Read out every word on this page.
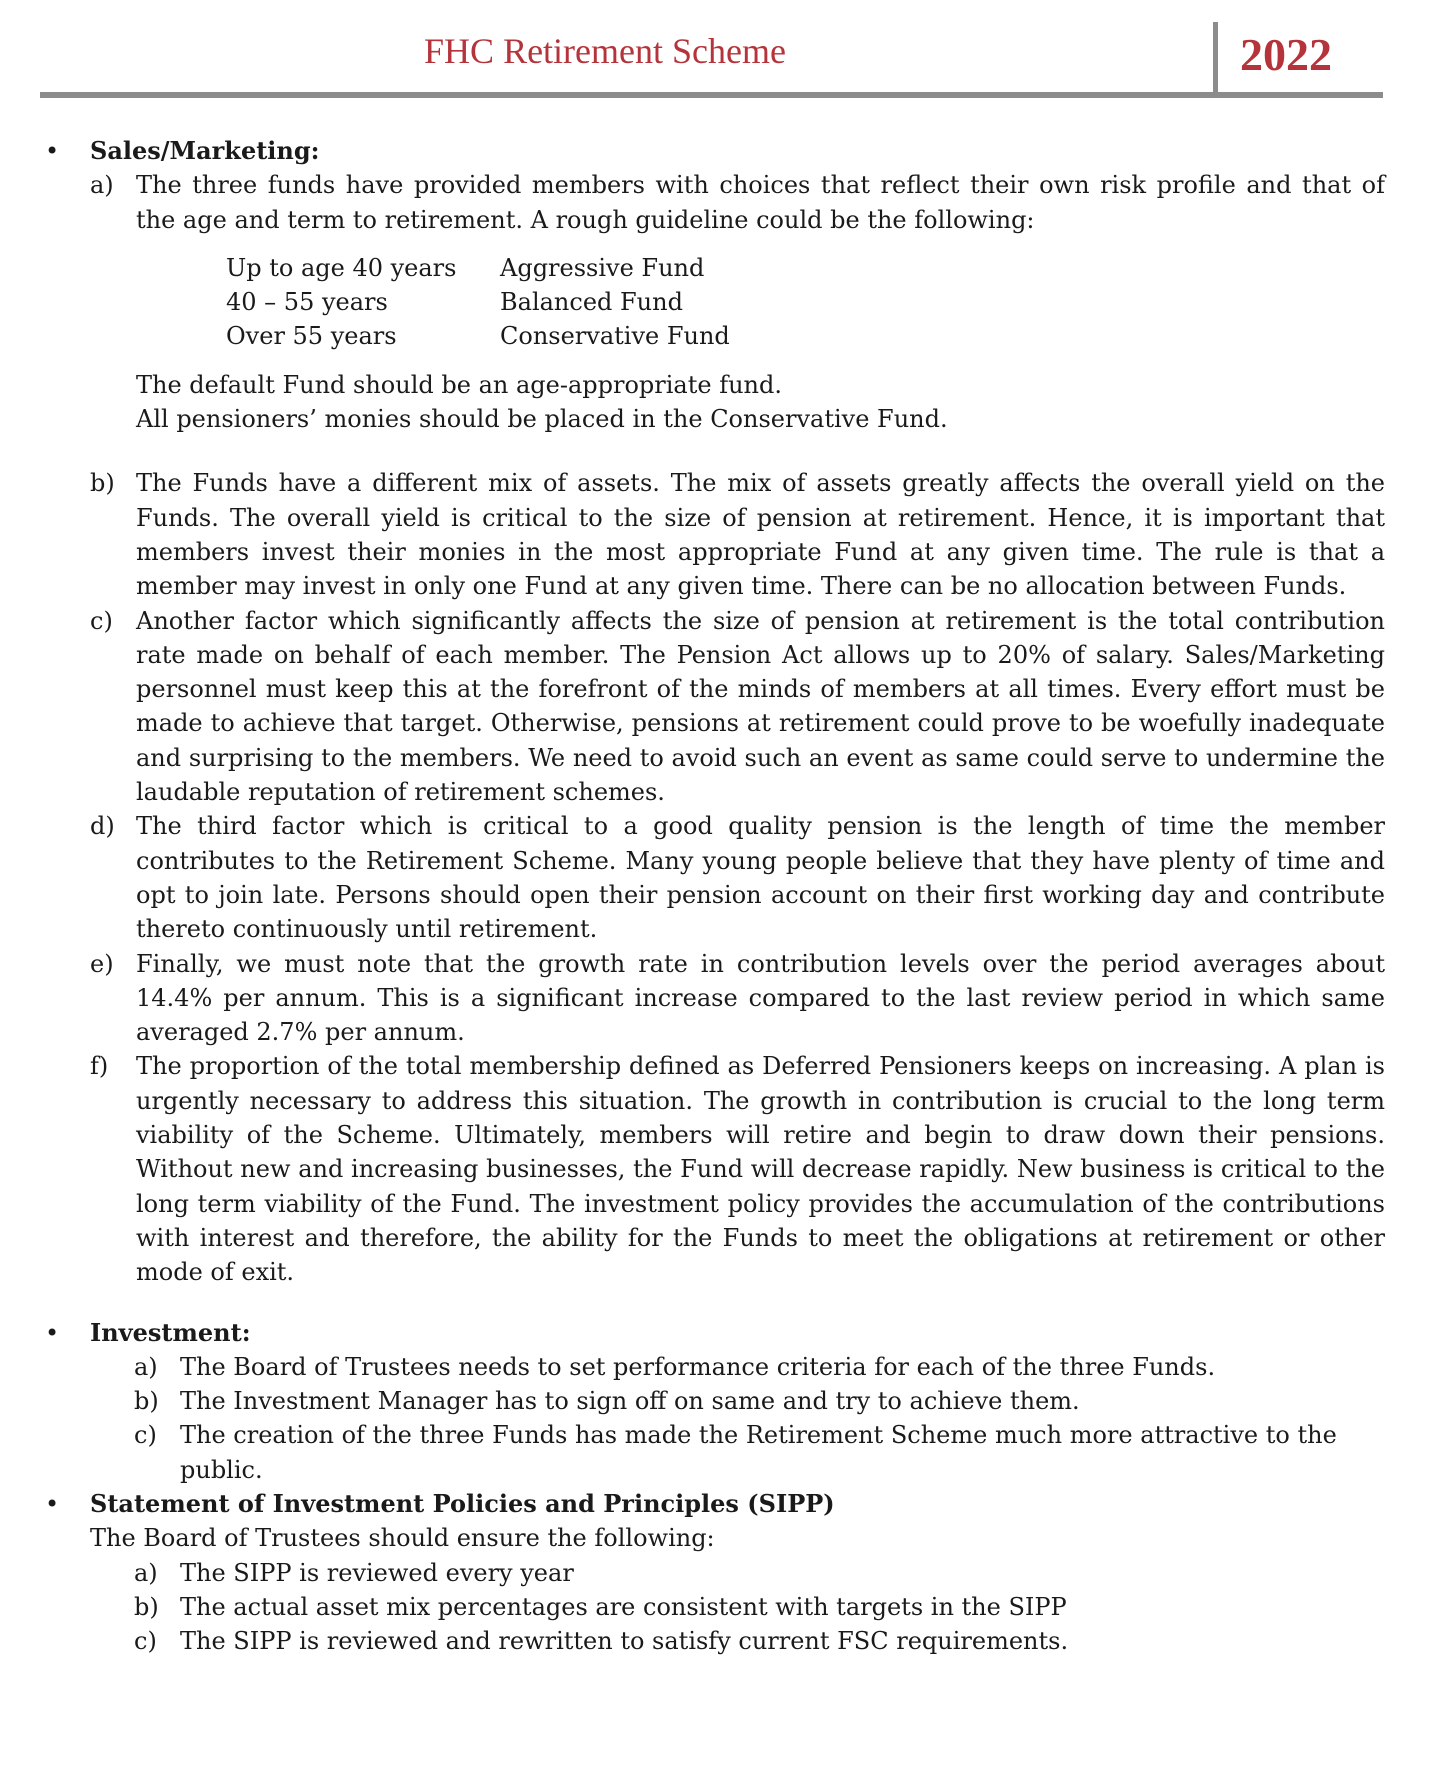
FHC Retirement Scheme	2022
• Sales/Marketing:
a) The three funds have provided members with choices that reflect their own risk profile and that of the age and term to retirement. A rough guideline could be the following:
Up to age 40 years	Aggressive Fund
40 – 55 years	Balanced Fund
Over 55 years	Conservative Fund
The default Fund should be an age-appropriate fund.
All pensioners’ monies should be placed in the Conservative Fund.
b) The Funds have a different mix of assets. The mix of assets greatly affects the overall yield on the Funds. The overall yield is critical to the size of pension at retirement. Hence, it is important that members invest their monies in the most appropriate Fund at any given time. The rule is that a member may invest in only one Fund at any given time. There can be no allocation between Funds.
c) Another factor which significantly affects the size of pension at retirement is the total contribution rate made on behalf of each member. The Pension Act allows up to 20% of salary. Sales/Marketing personnel must keep this at the forefront of the minds of members at all times. Every effort must be made to achieve that target. Otherwise, pensions at retirement could prove to be woefully inadequate and surprising to the members. We need to avoid such an event as same could serve to undermine the laudable reputation of retirement schemes.
d) The third factor which is critical to a good quality pension is the length of time the member contributes to the Retirement Scheme. Many young people believe that they have plenty of time and opt to join late. Persons should open their pension account on their first working day and contribute thereto continuously until retirement.
e) Finally, we must note that the growth rate in contribution levels over the period averages about 14.4% per annum. This is a significant increase compared to the last review period in which same averaged 2.7% per annum.
f) The proportion of the total membership defined as Deferred Pensioners keeps on increasing. A plan is urgently necessary to address this situation. The growth in contribution is crucial to the long term viability of the Scheme. Ultimately, members will retire and begin to draw down their pensions. Without new and increasing businesses, the Fund will decrease rapidly. New business is critical to the long term viability of the Fund. The investment policy provides the accumulation of the contributions with interest and therefore, the ability for the Funds to meet the obligations at retirement or other mode of exit.
• Investment:
a) The Board of Trustees needs to set performance criteria for each of the three Funds.
b) The Investment Manager has to sign off on same and try to achieve them.
c) The creation of the three Funds has made the Retirement Scheme much more attractive to the public.
• Statement of Investment Policies and Principles (SIPP)
The Board of Trustees should ensure the following:
a) The SIPP is reviewed every year
b) The actual asset mix percentages are consistent with targets in the SIPP
c) The SIPP is reviewed and rewritten to satisfy current FSC requirements.
